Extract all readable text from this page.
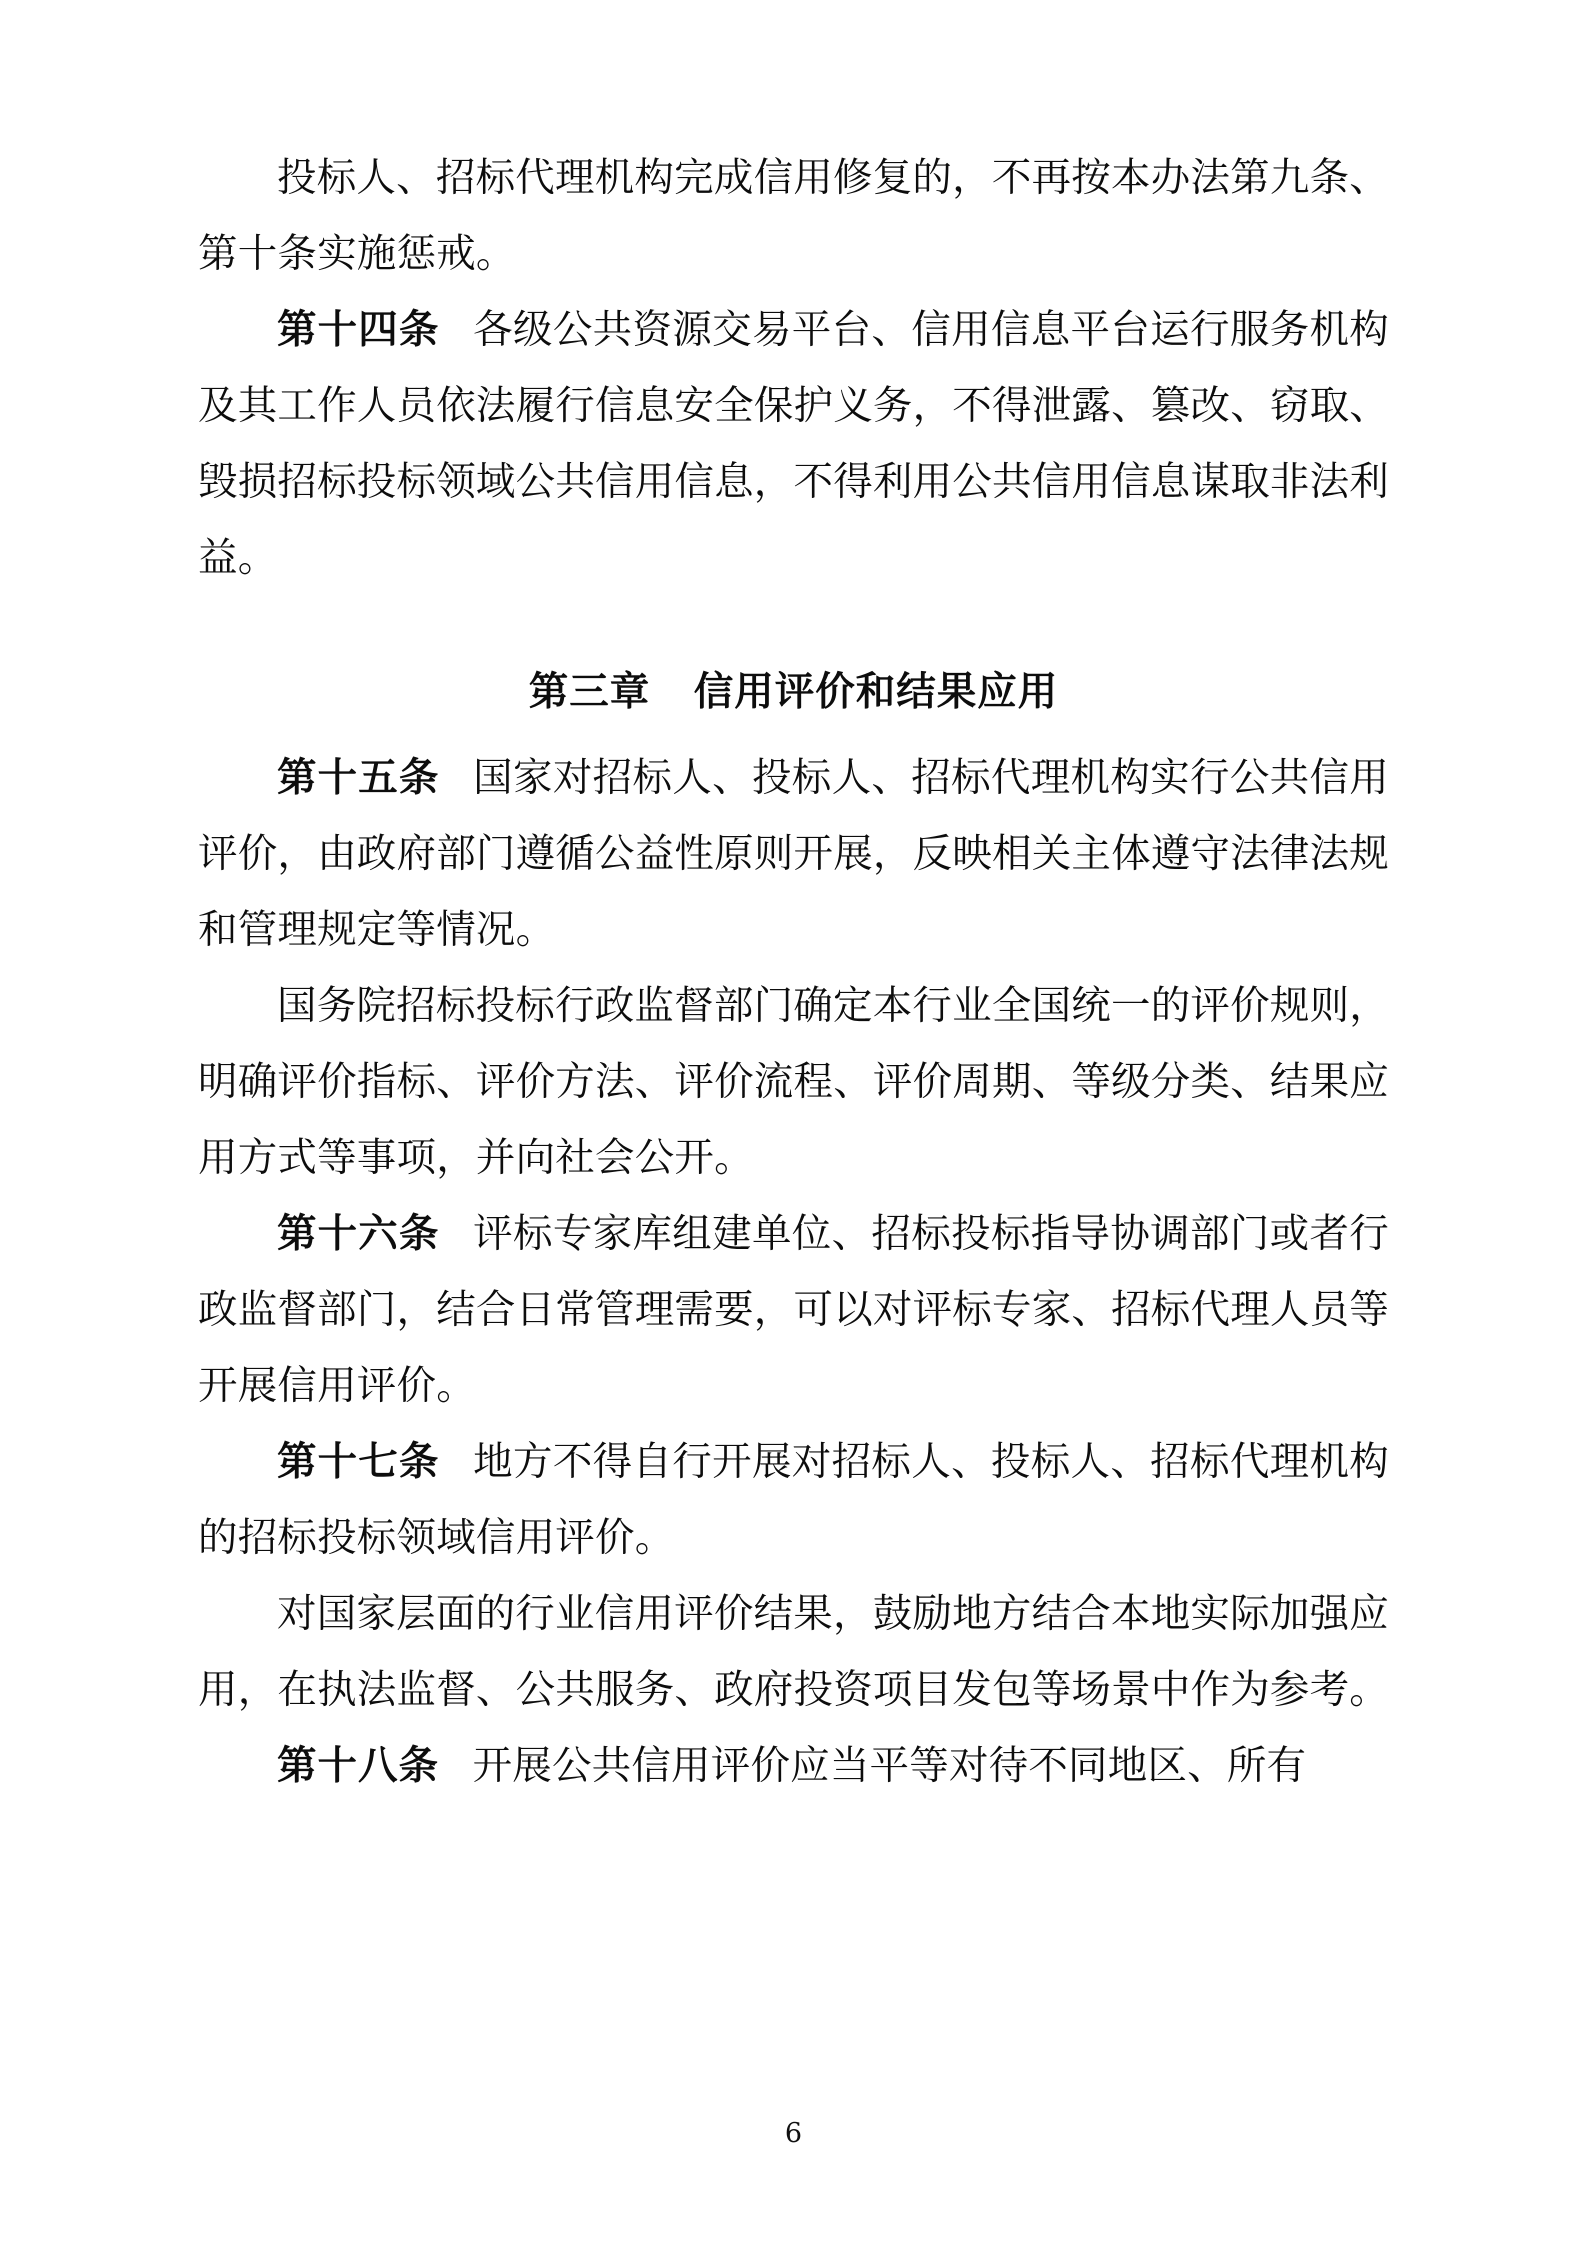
投标人、招标代理机构完成信用修复的，不再按本办法第九条、第十条实施惩戒。

第十四条 各级公共资源交易平台、信用信息平台运行服务机构及其工作人员依法履行信息安全保护义务，不得泄露、篡改、窃取、毁损招标投标领域公共信用信息，不得利用公共信用信息谋取非法利益。

第三章 信用评价和结果应用

第十五条 国家对招标人、投标人、招标代理机构实行公共信用评价，由政府部门遵循公益性原则开展，反映相关主体遵守法律法规和管理规定等情况。

国务院招标投标行政监督部门确定本行业全国统一的评价规则，明确评价指标、评价方法、评价流程、评价周期、等级分类、结果应用方式等事项，并向社会公开。

第十六条 评标专家库组建单位、招标投标指导协调部门或者行政监督部门，结合日常管理需要，可以对评标专家、招标代理人员等开展信用评价。

第十七条 地方不得自行开展对招标人、投标人、招标代理机构的招标投标领域信用评价。

对国家层面的行业信用评价结果，鼓励地方结合本地实际加强应用，在执法监督、公共服务、政府投资项目发包等场景中作为参考。

第十八条 开展公共信用评价应当平等对待不同地区、所有

6
